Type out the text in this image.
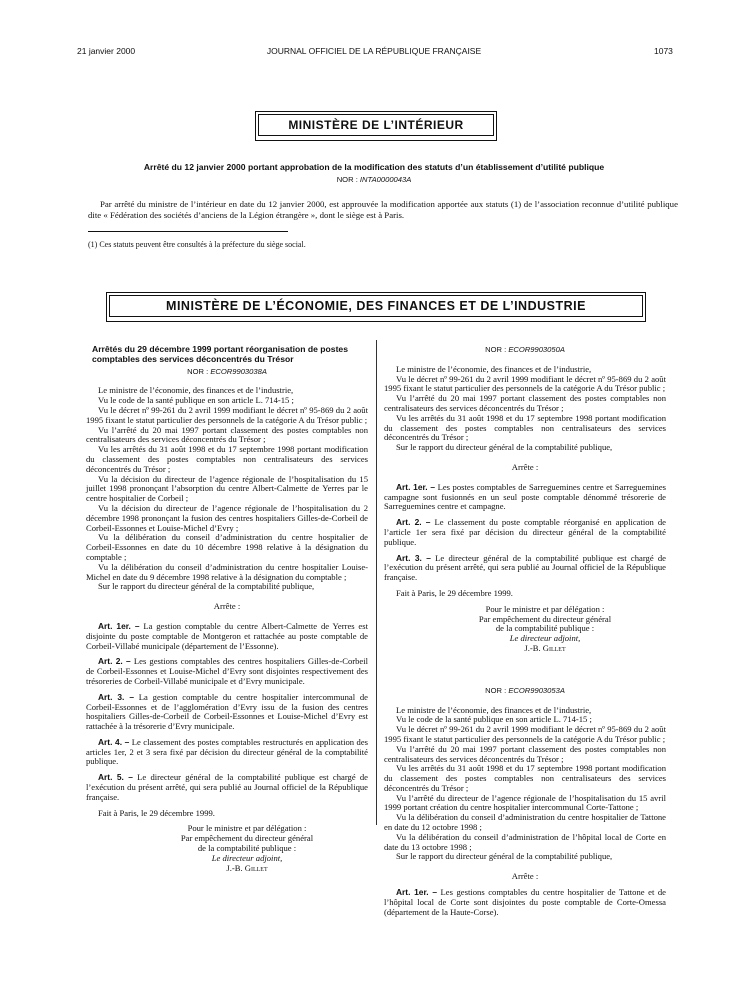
21 janvier 2000	JOURNAL OFFICIEL DE LA RÉPUBLIQUE FRANÇAISE	1073
MINISTÈRE DE L’INTÉRIEUR
Arrêté du 12 janvier 2000 portant approbation de la modification des statuts d’un établissement d’utilité publique
NOR : INTA0000043A
Par arrêté du ministre de l’intérieur en date du 12 janvier 2000, est approuvée la modification apportée aux statuts (1) de l’association reconnue d’utilité publique dite « Fédération des sociétés d’anciens de la Légion étrangère », dont le siège est à Paris.
(1) Ces statuts peuvent être consultés à la préfecture du siège social.
MINISTÈRE DE L’ÉCONOMIE, DES FINANCES ET DE L’INDUSTRIE
Arrêtés du 29 décembre 1999 portant réorganisation de postes comptables des services déconcentrés du Trésor
NOR : ECOR9903038A

Le ministre de l’économie, des finances et de l’industrie,

Vu le code de la santé publique en son article L. 714-15 ;

Vu le décret nº 99-261 du 2 avril 1999 modifiant le décret nº 95-869 du 2 août 1995 fixant le statut particulier des personnels de la catégorie A du Trésor public ;

Vu l’arrêté du 20 mai 1997 portant classement des postes comptables non centralisateurs des services déconcentrés du Trésor ;

Vu les arrêtés du 31 août 1998 et du 17 septembre 1998 portant modification du classement des postes comptables non centralisateurs des services déconcentrés du Trésor ;

Vu la décision du directeur de l’agence régionale de l’hospitalisation du 15 juillet 1998 prononçant l’absorption du centre Albert-Calmette de Yerres par le centre hospitalier de Corbeil ;

Vu la décision du directeur de l’agence régionale de l’hospitalisation du 2 décembre 1998 prononçant la fusion des centres hospitaliers Gilles-de-Corbeil de Corbeil-Essonnes et Louise-Michel d’Evry ;

Vu la délibération du conseil d’administration du centre hospitalier de Corbeil-Essonnes en date du 10 décembre 1998 relative à la désignation du comptable ;

Vu la délibération du conseil d’administration du centre hospitalier Louise-Michel en date du 9 décembre 1998 relative à la désignation du comptable ;

Sur le rapport du directeur général de la comptabilité publique,

Arrête :

Art. 1er. – La gestion comptable du centre Albert-Calmette de Yerres est disjointe du poste comptable de Montgeron et rattachée au poste comptable de Corbeil-Villabé municipale (département de l’Essonne).

Art. 2. – Les gestions comptables des centres hospitaliers Gilles-de-Corbeil de Corbeil-Essonnes et Louise-Michel d’Evry sont disjointes respectivement des trésoreries de Corbeil-Villabé municipale et d’Evry municipale.

Art. 3. – La gestion comptable du centre hospitalier intercommunal de Corbeil-Essonnes et de l’agglomération d’Evry issu de la fusion des centres hospitaliers Gilles-de-Corbeil de Corbeil-Essonnes et Louise-Michel d’Evry est rattachée à la trésorerie d’Evry municipale.

Art. 4. – Le classement des postes comptables restructurés en application des articles 1er, 2 et 3 sera fixé par décision du directeur général de la comptabilité publique.

Art. 5. – Le directeur général de la comptabilité publique est chargé de l’exécution du présent arrêté, qui sera publié au Journal officiel de la République française.

Fait à Paris, le 29 décembre 1999.

Pour le ministre et par délégation :

Par empêchement du directeur général

de la comptabilité publique :

Le directeur adjoint,

J.-B. Gillet

NOR : ECOR9903050A

Le ministre de l’économie, des finances et de l’industrie,

Vu le décret nº 99-261 du 2 avril 1999 modifiant le décret nº 95-869 du 2 août 1995 fixant le statut particulier des personnels de la catégorie A du Trésor public ;

Vu l’arrêté du 20 mai 1997 portant classement des postes comptables non centralisateurs des services déconcentrés du Trésor ;

Vu les arrêtés du 31 août 1998 et du 17 septembre 1998 portant modification du classement des postes comptables non centralisateurs des services déconcentrés du Trésor ;

Sur le rapport du directeur général de la comptabilité publique,

Arrête :

Art. 1er. – Les postes comptables de Sarreguemines centre et Sarreguemines campagne sont fusionnés en un seul poste comptable dénommé trésorerie de Sarreguemines centre et campagne.

Art. 2. – Le classement du poste comptable réorganisé en application de l’article 1er sera fixé par décision du directeur général de la comptabilité publique.

Art. 3. – Le directeur général de la comptabilité publique est chargé de l’exécution du présent arrêté, qui sera publié au Journal officiel de la République française.

Fait à Paris, le 29 décembre 1999.

Pour le ministre et par délégation :

Par empêchement du directeur général

de la comptabilité publique :

Le directeur adjoint,

J.-B. Gillet

NOR : ECOR9903053A

Le ministre de l’économie, des finances et de l’industrie,

Vu le code de la santé publique en son article L. 714-15 ;

Vu le décret nº 99-261 du 2 avril 1999 modifiant le décret nº 95-869 du 2 août 1995 fixant le statut particulier des personnels de la catégorie A du Trésor public ;

Vu l’arrêté du 20 mai 1997 portant classement des postes comptables non centralisateurs des services déconcentrés du Trésor ;

Vu les arrêtés du 31 août 1998 et du 17 septembre 1998 portant modification du classement des postes comptables non centralisateurs des services déconcentrés du Trésor ;

Vu l’arrêté du directeur de l’agence régionale de l’hospitalisation du 15 avril 1999 portant création du centre hospitalier intercommunal Corte-Tattone ;

Vu la délibération du conseil d’administration du centre hospitalier de Tattone en date du 12 octobre 1998 ;

Vu la délibération du conseil d’administration de l’hôpital local de Corte en date du 13 octobre 1998 ;

Sur le rapport du directeur général de la comptabilité publique,

Arrête :

Art. 1er. – Les gestions comptables du centre hospitalier de Tattone et de l’hôpital local de Corte sont disjointes du poste comptable de Corte-Omessa (département de la Haute-Corse).
